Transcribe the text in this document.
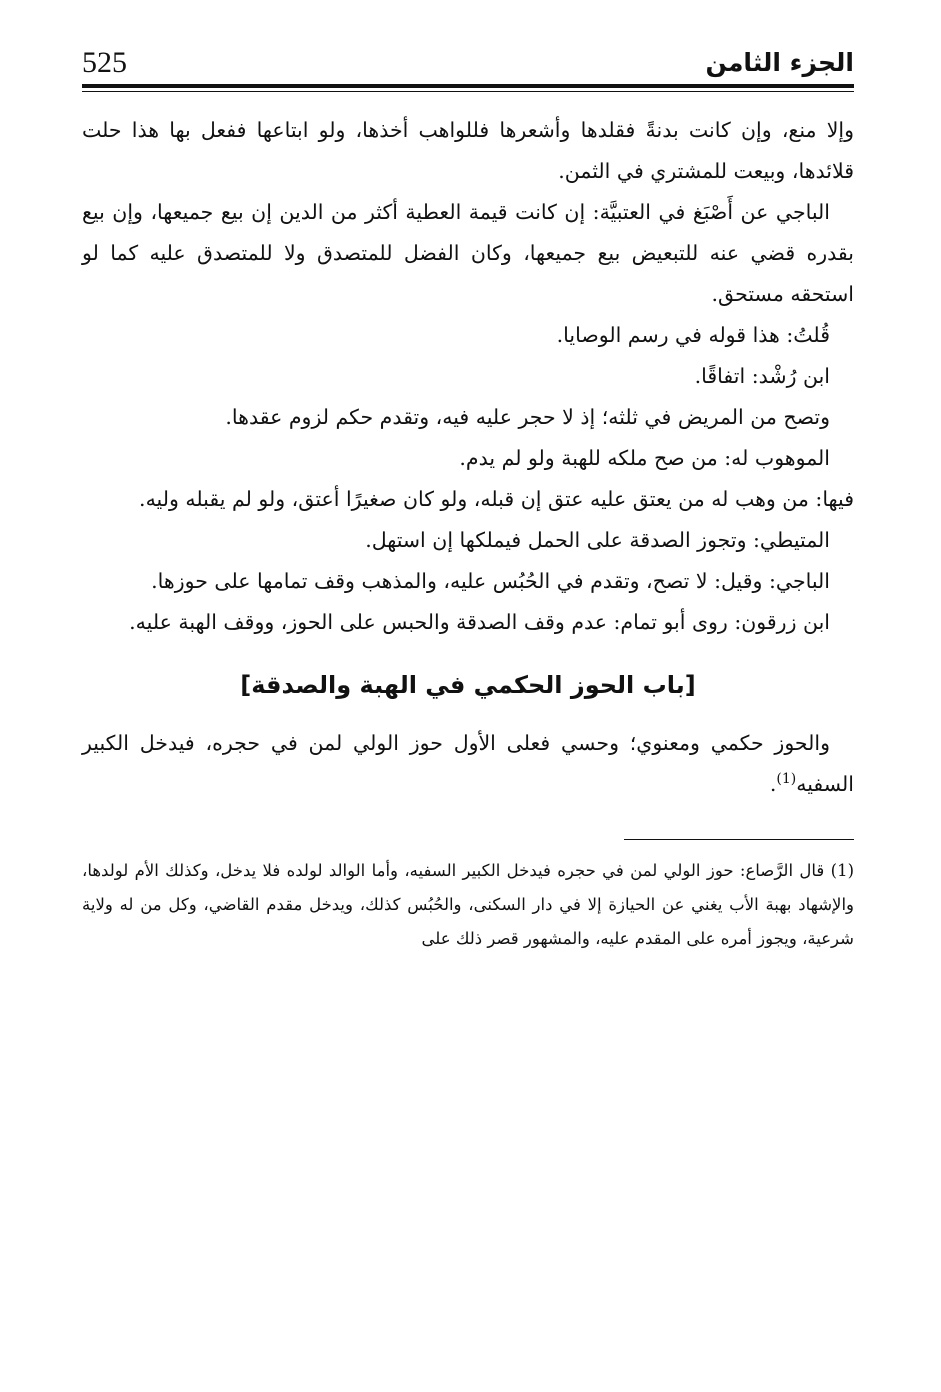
525	الجزء الثامن

وإلا منع، وإن كانت بدنةً فقلدها وأشعرها فللواهب أخذها، ولو ابتاعها ففعل بها هذا حلت قلائدها، وبيعت للمشتري في الثمن.

الباجي عن أَصْبَغ في العتبيَّة: إن كانت قيمة العطية أكثر من الدين إن بيع جميعها، وإن بيع بقدره قضي عنه للتبعيض بيع جميعها، وكان الفضل للمتصدق ولا للمتصدق عليه كما لو استحقه مستحق.

قُلتُ: هذا قوله في رسم الوصايا.

ابن رُشْد: اتفاقًا.

وتصح من المريض في ثلثه؛ إذ لا حجر عليه فيه، وتقدم حكم لزوم عقدها.

الموهوب له: من صح ملكه للهبة ولو لم يدم.

فيها: من وهب له من يعتق عليه عتق إن قبله، ولو كان صغيرًا أعتق، ولو لم يقبله وليه.

المتيطي: وتجوز الصدقة على الحمل فيملكها إن استهل.

الباجي: وقيل: لا تصح، وتقدم في الحُبُس عليه، والمذهب وقف تمامها على حوزها.

ابن زرقون: روى أبو تمام: عدم وقف الصدقة والحبس على الحوز، ووقف الهبة عليه.

[باب الحوز الحكمي في الهبة والصدقة]

والحوز حكمي ومعنوي؛ وحسي فعلى الأول حوز الولي لمن في حجره، فيدخل الكبير السفيه$^{(1)}$.

(1) قال الرَّصاع: حوز الولي لمن في حجره فيدخل الكبير السفيه، وأما الوالد لولده فلا يدخل، وكذلك الأم لولدها، والإشهاد بهبة الأب يغني عن الحيازة إلا في دار السكنى، والحُبُس كذلك، ويدخل مقدم القاضي، وكل من له ولاية شرعية، ويجوز أمره على المقدم عليه، والمشهور قصر ذلك على
